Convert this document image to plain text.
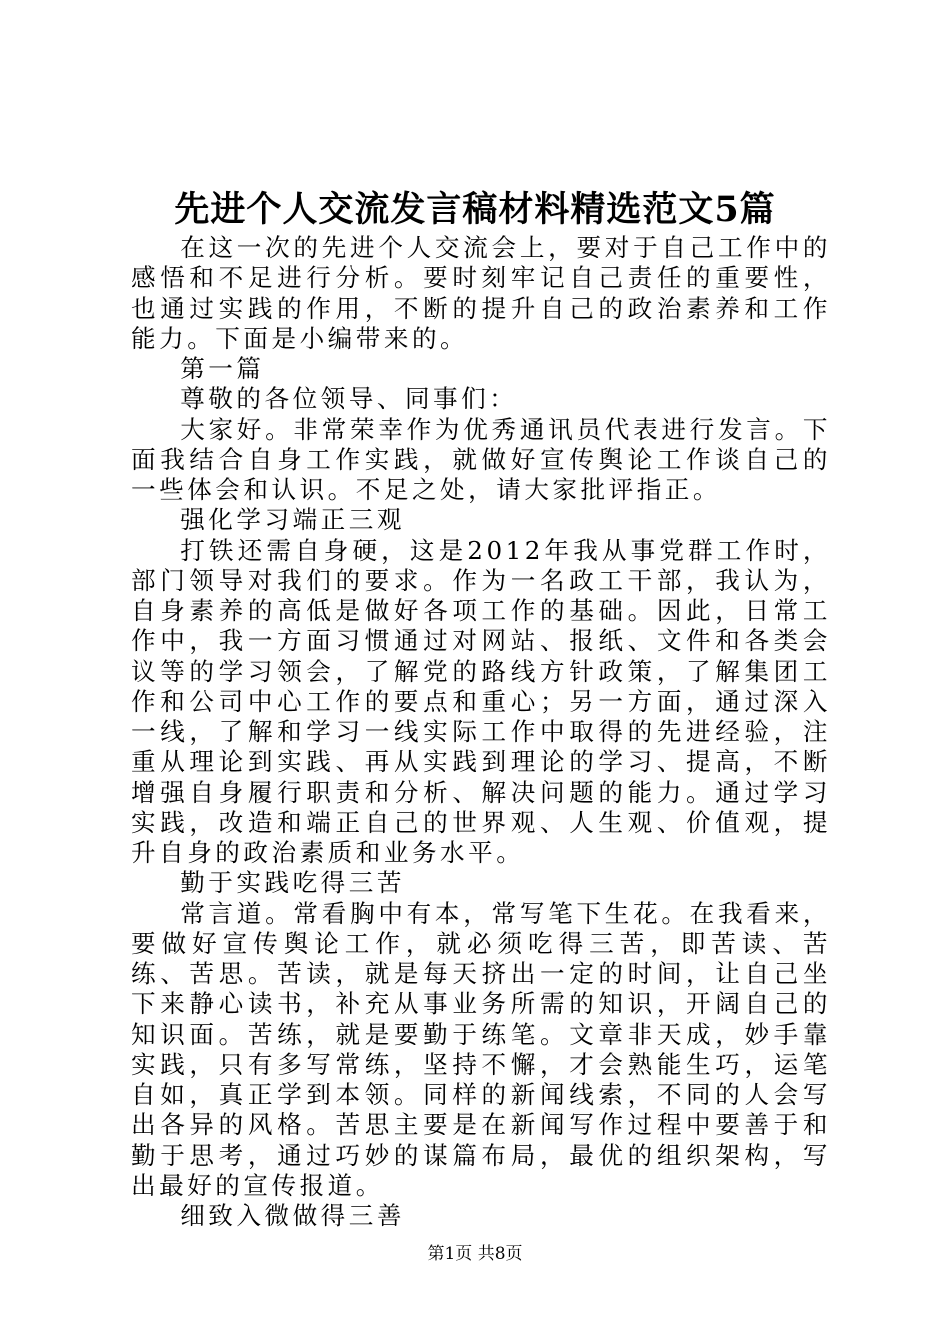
先进个人交流发言稿材料精选范文5篇

在这一次的先进个人交流会上，要对于自己工作中的感悟和不足进行分析。要时刻牢记自己责任的重要性，也通过实践的作用，不断的提升自己的政治素养和工作能力。下面是小编带来的。

第一篇

尊敬的各位领导、同事们：

大家好。非常荣幸作为优秀通讯员代表进行发言。下面我结合自身工作实践，就做好宣传舆论工作谈自己的一些体会和认识。不足之处，请大家批评指正。

强化学习端正三观

打铁还需自身硬，这是2012年我从事党群工作时，部门领导对我们的要求。作为一名政工干部，我认为，自身素养的高低是做好各项工作的基础。因此，日常工作中，我一方面习惯通过对网站、报纸、文件和各类会议等的学习领会，了解党的路线方针政策，了解集团工作和公司中心工作的要点和重心；另一方面，通过深入一线，了解和学习一线实际工作中取得的先进经验，注重从理论到实践、再从实践到理论的学习、提高，不断增强自身履行职责和分析、解决问题的能力。通过学习实践，改造和端正自己的世界观、人生观、价值观，提升自身的政治素质和业务水平。

勤于实践吃得三苦

常言道。常看胸中有本，常写笔下生花。在我看来，要做好宣传舆论工作，就必须吃得三苦，即苦读、苦练、苦思。苦读，就是每天挤出一定的时间，让自己坐下来静心读书，补充从事业务所需的知识，开阔自己的知识面。苦练，就是要勤于练笔。文章非天成，妙手靠实践，只有多写常练，坚持不懈，才会熟能生巧，运笔自如，真正学到本领。同样的新闻线索，不同的人会写出各异的风格。苦思主要是在新闻写作过程中要善于和勤于思考，通过巧妙的谋篇布局，最优的组织架构，写出最好的宣传报道。

细致入微做得三善

第1页 共8页
